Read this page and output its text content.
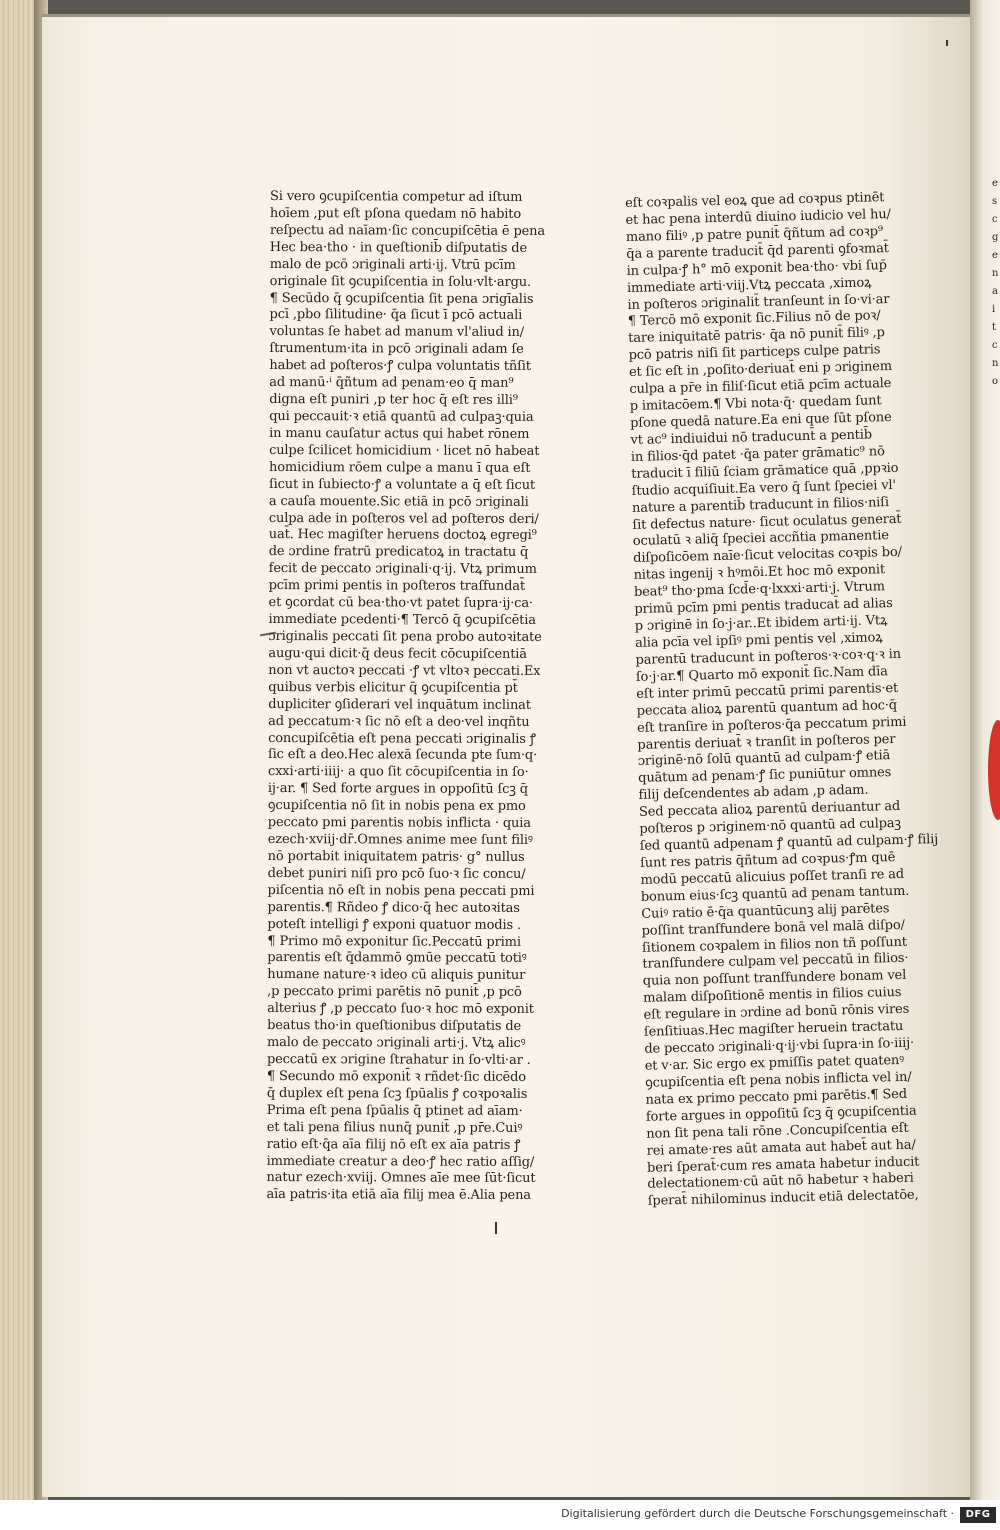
e
s
c
g
e
n
a
i
t
c
n
o
Si vero ꝯcupiſcentia competur ad iſtum
hoīem ,put eſt pſona quedam nō habito
reſpectu ad naīam·ſic concupiſcētia ē pena
Hec bea·tho · in queſtionib̄ diſputatis de
malo de pcō ɔriginali arti·ij. Vtrū pcīm
originale ſit ꝯcupiſcentia in ſolu·vlt·argu.
¶ Secūdo q̄ ꝯcupiſcentia ſit pena ɔrigīalis
pcī ,pbo ſilitudine· q̄a ſicut ī pcō actuali
voluntas ſe habet ad manum vl'aliud in/
ſtrumentum·ita in pcō ɔriginali adam ſe
habet ad poſteros·ꝭ culpa voluntatis tñſit
ad manū·ⁱ q̄ñtum ad penam·eo q̄ man⁹
digna eſt puniri ,p ter hoc q̄ eſt res illi⁹
qui peccauit·ꝛ etiā quantū ad culpaꝫ·quia
in manu cauſatur actus qui habet rōnem
culpe ſcilicet homicidium · licet nō habeat
homicidium rōem culpe a manu ī qua eſt
ſicut in ſubiecto·ꝭ a voluntate a q̄ eſt ſicut
a cauſa mouente.Sic etiā in pcō ɔriginali
culpa ade in poſteros vel ad poſteros deri/
uat̄. Hec magiſter heruens doctoꝝ egregi⁹
de ɔrdine fratrū predicatoꝝ in tractatu q̄
fecit de peccato ɔriginali·q·ij. Vtꝝ primum
pcīm primi pentis in poſteros traſfundat̄
et ꝯcordat cū bea·tho·vt patet ſupra·ij·ca·
immediate pcedenti·¶ Tercō q̄ ꝯcupiſcētia
ɔriginalis peccati ſit pena probo autoꝛitate
augu·qui dicit·q̄ deus fecit cōcupiſcentiā
non vt auctoꝛ peccati ·ꝭ vt vltoꝛ peccati.Ex
quibus verbis elicitur q̄ ꝯcupiſcentia pt̄
dupliciter ꝯſiderari vel inquātum inclinat
ad peccatum·ꝛ ſic nō eſt a deo·vel inqñtu
concupiſcētia eſt pena peccati ɔriginalis ꝭ
ſic eſt a deo.Hec alexā ſecunda pte ſum·q·
cxxi·arti·iiij· a quo ſit cōcupiſcentia in ſo·
ij·ar. ¶ Sed forte argues in oppoſitū ſcꝫ q̄
ꝯcupiſcentia nō ſit in nobis pena ex pmo
peccato pmi parentis nobis inflicta · quia
ezech·xviij·dr̄.Omnes anime mee ſunt filiꝰ
nō portabit iniquitatem patris· g° nullus
debet puniri niſi pro pcō ſuo·ꝛ ſic concu/
piſcentia nō eſt in nobis pena peccati pmi
parentis.¶ Rñdeo ꝭ dico·q̄ hec autoꝛitas
poteſt intelligi ꝭ exponi quatuor modis .
¶ Primo mō exponitur ſic.Peccatū primi
parentis eſt q̄dammō ꝯmūe peccatū totiꝰ
humane nature·ꝛ ideo cū aliquis punitur
,p peccato primi parētis nō punit̄ ,p pcō
alterius ꝭ ,p peccato ſuo·ꝛ hoc mō exponit
beatus tho·in queſtionibus diſputatis de
malo de peccato ɔriginali arti·j. Vtꝝ alicꝰ
peccatū ex ɔrigine ſtrahatur in ſo·vlti·ar .
¶ Secundo mō exponit̄ ꝛ rñdet·ſic dicēdo
q̄ duplex eſt pena ſcꝫ ſpūalis ꝭ coꝛpoꝛalis
Prima eſt pena ſpūalis q̄ ptinet ad aīam·
et tali pena filius nunq̄ punit̄ ,p pr̄e.Cuiꝰ
ratio eſt·q̄a aīa filij nō eſt ex aīa patris ꝭ
immediate creatur a deo·ꝭ hec ratio aſſig/
natur ezech·xviij. Omnes aīe mee ſūt·ſicut
aīa patris·ita etiā aīa filij mea ē.Alia pena
eſt coꝛpalis vel eoꝝ que ad coꝛpus ptinēt
et hac pena interdū diuino iudicio vel hu/
mano filiꝰ ,p patre punit̄ q̄ñtum ad coꝛp⁹
q̄a a parente traducit̄ q̄d parenti ꝯfoꝛmat̄
in culpa·ꝭ h° mō exponit bea·tho· vbi ſup̄
immediate arti·viij.Vtꝝ peccata ,ximoꝝ
in poſteros ɔriginalit̄ tranſeunt in ſo·vi·ar
¶ Tercō mō exponit ſic.Filius nō de poꝛ/
tare iniquitatē patris· q̄a nō punit̄ filiꝰ ,p
pcō patris niſi ſit particeps culpe patris
et ſic eſt in ,poſito·deriuat̄ eni p ɔriginem
culpa a pr̄e in filiſ·ſicut etiā pcīm actuale
p imitacōem.¶ Vbi nota·q̄· quedam ſunt
pſone quedā nature.Ea eni que ſūt pſone
vt ac⁹ indiuidui nō traducunt̄ a pentib̄
in filios·q̄d patet ·q̄a pater grāmatic⁹ nō
traducit ī filiū ſciam grāmatice quā ,ppꝛio
ſtudio acquiſiuit.Ea vero q̄ ſunt ſpeciei vl'
nature a parentib̄ traducunt in filios·niſi
ſit defectus nature· ſicut oculatus generat̄
oculatū ꝛ aliq̄ ſpeciei accñtia pmanentie
diſpoſicōem naīe·ſicut velocitas coꝛpis bo/
nitas ingenij ꝛ hꝰmōi.Et hoc mō exponit
beat⁹ tho·pma ſcd̄e·q·lxxxi·arti·j. Vtrum
primū pcīm pmi pentis traducat̄ ad alias
p ɔriginē in ſo·j·ar..Et ibidem arti·ij. Vtꝝ
alia pcīa vel ipſiꝰ pmi pentis vel ,ximoꝝ
parentū traducunt in poſteros·ꝛ·coꝛ·q·ꝛ in
ſo·j·ar.¶ Quarto mō exponit̄ ſic.Nam dīa
eſt inter primū peccatū primi parentis·et
peccata alioꝝ parentū quantum ad hoc·q̄
eſt tranſire in poſteros·q̄a peccatum primi
parentis deriuat̄ ꝛ tranſit in poſteros per
ɔriginē·nō ſolū quantū ad culpam·ꝭ etiā
quātum ad penam·ꝭ ſic puniūtur omnes
filij deſcendentes ab adam ,p adam.
Sed peccata alioꝝ parentū deriuantur ad
poſteros p ɔriginem·nō quantū ad culpaꝫ
ſed quantū adpenam ꝭ quantū ad culpam·ꝭ filij
ſunt res patris q̄ñtum ad coꝛpus·ꝭm quē
modū peccatū alicuius poſſet tranſi re ad
bonum eius·ſcꝫ quantū ad penam tantum.
Cuiꝰ ratio ē·q̄a quantūcunꝫ alij parētes
poſſint tranſfundere bonā vel malā diſpo/
ſitionem coꝛpalem in filios non tñ poſſunt
tranſfundere culpam vel peccatū in filios·
quia non poſſunt tranſfundere bonam vel
malam diſpoſitionē mentis in filios cuius
eſt regulare in ɔrdine ad bonū rōnis vires
ſenſitiuas.Hec magiſter heruein tractatu
de peccato ɔriginali·q·ij·vbi ſupra·in ſo·iiij·
et v·ar. Sic ergo ex pmiſſis patet quatenꝰ
ꝯcupiſcentia eſt pena nobis inflicta vel in/
nata ex primo peccato pmi parētis.¶ Sed
forte argues in oppoſitū ſcꝫ q̄ ꝯcupiſcentia
non ſit pena tali rōne .Concupiſcentia eſt
rei amate·res aūt amata aut habet̄ aut ha/
beri ſperat̄·cum res amata habetur inducit
delectationem·cū aūt nō habetur ꝛ haberi
ſperat̄ nihilominus inducit etiā delectatōe,
Digitalisierung gefördert durch die Deutsche Forschungsgemeinschaft ·	DFG
